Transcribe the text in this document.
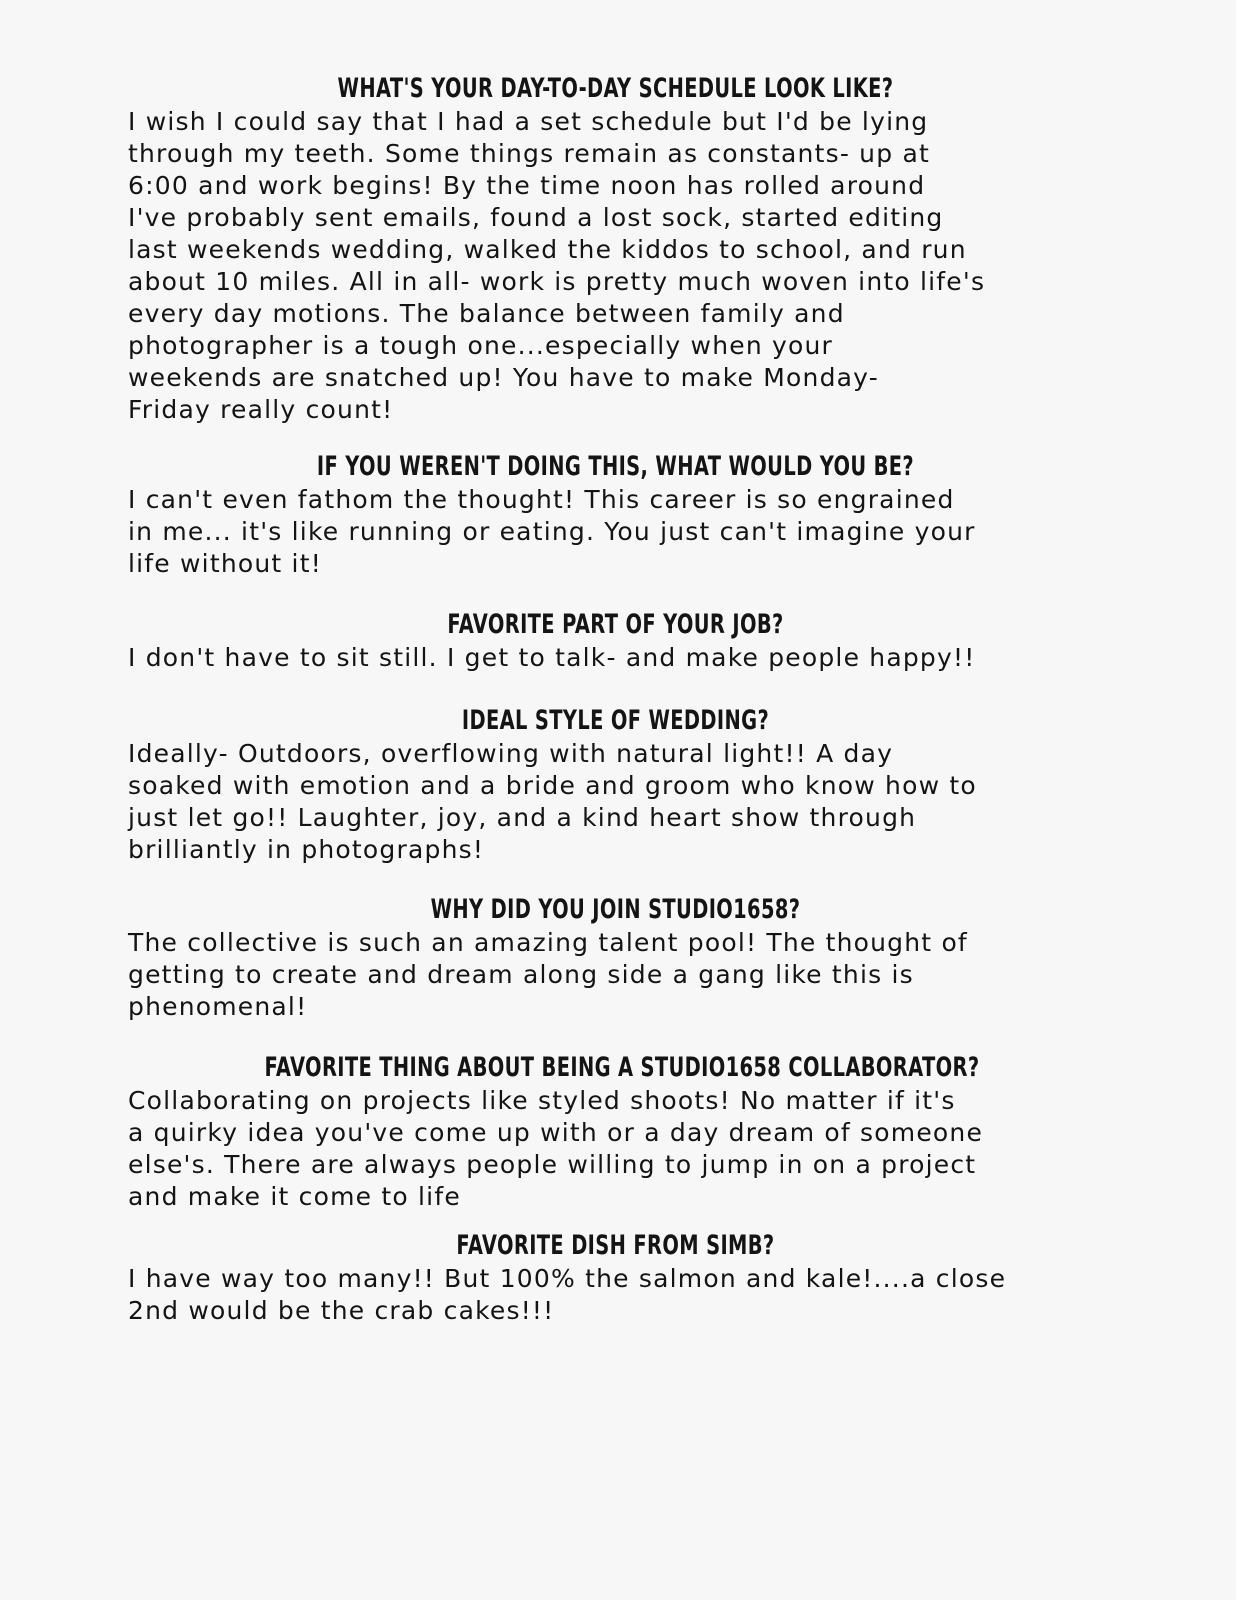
WHAT'S YOUR DAY-TO-DAY SCHEDULE LOOK LIKE?
I wish I could say that I had a set schedule but I'd be lying
through my teeth. Some things remain as constants- up at
6:00 and work begins! By the time noon has rolled around
I've probably sent emails, found a lost sock, started editing
last weekends wedding, walked the kiddos to school, and run
about 10 miles. All in all- work is pretty much woven into life's
every day motions. The balance between family and
photographer is a tough one...especially when your
weekends are snatched up! You have to make Monday-
Friday really count!
IF YOU WEREN'T DOING THIS, WHAT WOULD YOU BE?
I can't even fathom the thought! This career is so engrained
in me... it's like running or eating. You just can't imagine your
life without it!
FAVORITE PART OF YOUR JOB?
I don't have to sit still. I get to talk- and make people happy!!
IDEAL STYLE OF WEDDING?
Ideally- Outdoors, overflowing with natural light!! A day
soaked with emotion and a bride and groom who know how to
just let go!! Laughter, joy, and a kind heart show through
brilliantly in photographs!
WHY DID YOU JOIN STUDIO1658?
The collective is such an amazing talent pool! The thought of
getting to create and dream along side a gang like this is
phenomenal!
FAVORITE THING ABOUT BEING A STUDIO1658 COLLABORATOR?
Collaborating on projects like styled shoots! No matter if it's
a quirky idea you've come up with or a day dream of someone
else's. There are always people willing to jump in on a project
and make it come to life
FAVORITE DISH FROM SIMB?
I have way too many!! But 100% the salmon and kale!....a close
2nd would be the crab cakes!!!
